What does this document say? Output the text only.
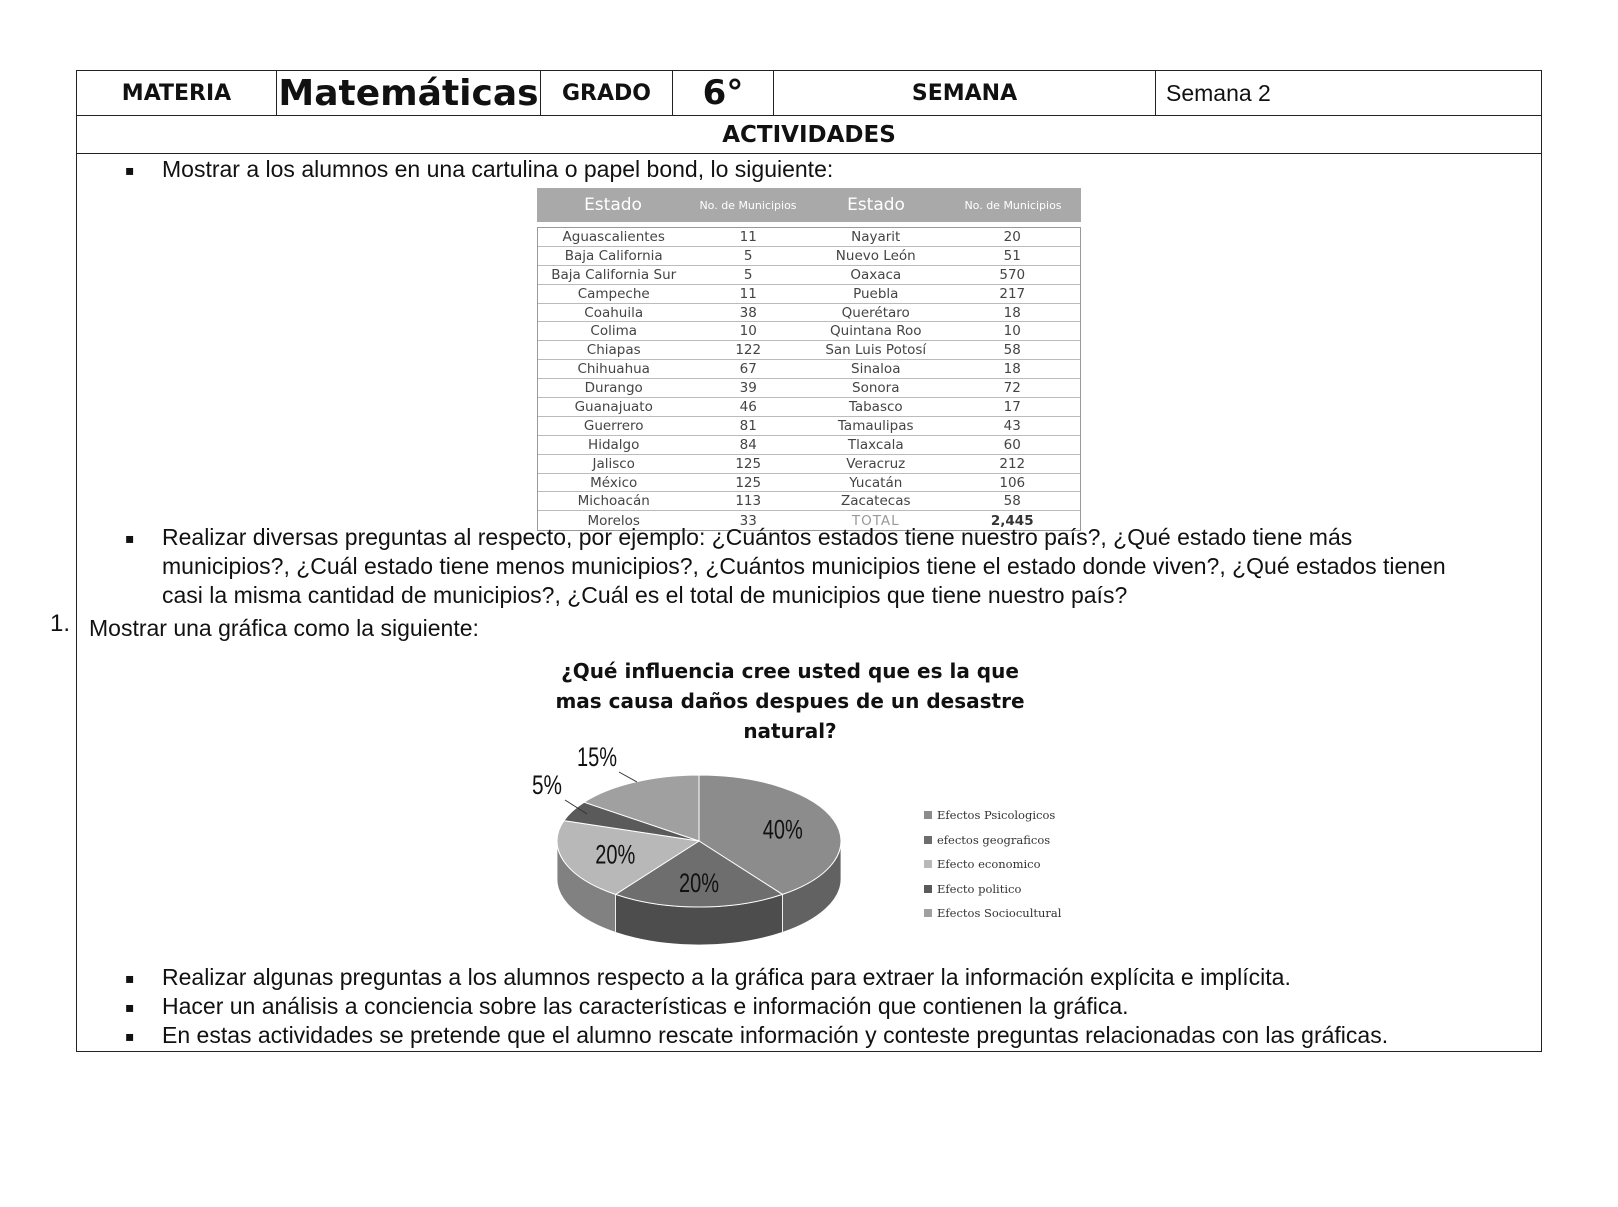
MATERIA	Matemáticas	GRADO	6°	SEMANA	Semana 2
ACTIVIDADES
▪ Mostrar a los alumnos en una cartulina o papel bond, lo siguiente:
Estado	No. de Municipios	Estado	No. de Municipios
Aguascalientes	11	Nayarit	20
Baja California	5	Nuevo León	51
Baja California Sur	5	Oaxaca	570
Campeche	11	Puebla	217
Coahuila	38	Querétaro	18
Colima	10	Quintana Roo	10
Chiapas	122	San Luis Potosí	58
Chihuahua	67	Sinaloa	18
Durango	39	Sonora	72
Guanajuato	46	Tabasco	17
Guerrero	81	Tamaulipas	43
Hidalgo	84	Tlaxcala	60
Jalisco	125	Veracruz	212
México	125	Yucatán	106
Michoacán	113	Zacatecas	58
Morelos	33	TOTAL	2,445
▪ Realizar diversas preguntas al respecto, por ejemplo: ¿Cuántos estados tiene nuestro país?, ¿Qué estado tiene más
municipios?, ¿Cuál estado tiene menos municipios?, ¿Cuántos municipios tiene el estado donde viven?, ¿Qué estados tienen
casi la misma cantidad de municipios?, ¿Cuál es el total de municipios que tiene nuestro país?
Mostrar una gráfica como la siguiente:
¿Qué influencia cree usted que es la que
mas causa daños despues de un desastre
natural?
40%
20%
20%
5%
15%
Efectos Psicologicos
efectos geograficos
Efecto economico
Efecto politico
Efectos Sociocultural
▪ Realizar algunas preguntas a los alumnos respecto a la gráfica para extraer la información explícita e implícita.
▪ Hacer un análisis a conciencia sobre las características e información que contienen la gráfica.
▪ En estas actividades se pretende que el alumno rescate información y conteste preguntas relacionadas con las gráficas.
1.
